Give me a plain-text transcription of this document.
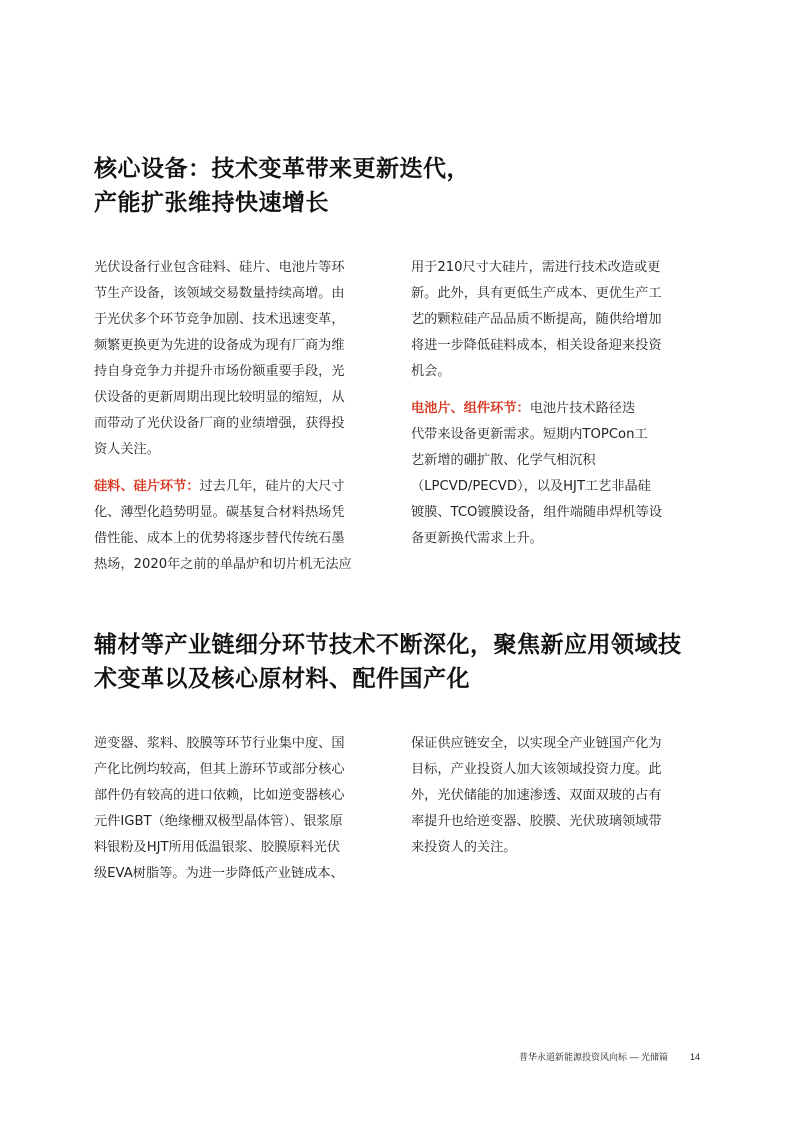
核心设备：技术变革带来更新迭代，
产能扩张维持快速增长

光伏设备行业包含硅料、硅片、电池片等环
节生产设备，该领域交易数量持续高增。由
于光伏多个环节竞争加剧、技术迅速变革，
频繁更换更为先进的设备成为现有厂商为维
持自身竞争力并提升市场份额重要手段，光
伏设备的更新周期出现比较明显的缩短，从
而带动了光伏设备厂商的业绩增强，获得投
资人关注。

硅料、硅片环节：过去几年，硅片的大尺寸
化、薄型化趋势明显。碳基复合材料热场凭
借性能、成本上的优势将逐步替代传统石墨
热场，2020年之前的单晶炉和切片机无法应

用于210尺寸大硅片，需进行技术改造或更
新。此外，具有更低生产成本、更优生产工
艺的颗粒硅产品品质不断提高，随供给增加
将进一步降低硅料成本，相关设备迎来投资
机会。

电池片、组件环节：电池片技术路径迭
代带来设备更新需求。短期内TOPCon工
艺新增的硼扩散、化学气相沉积
（LPCVD/PECVD），以及HJT工艺非晶硅
镀膜、TCO镀膜设备，组件端随串焊机等设
备更新换代需求上升。

辅材等产业链细分环节技术不断深化，聚焦新应用领域技
术变革以及核心原材料、配件国产化

逆变器、浆料、胶膜等环节行业集中度、国
产化比例均较高，但其上游环节或部分核心
部件仍有较高的进口依赖，比如逆变器核心
元件IGBT（绝缘栅双极型晶体管）、银浆原
料银粉及HJT所用低温银浆、胶膜原料光伏
级EVA树脂等。为进一步降低产业链成本、

保证供应链安全，以实现全产业链国产化为
目标，产业投资人加大该领域投资力度。此
外，光伏储能的加速渗透、双面双玻的占有
率提升也给逆变器、胶膜、光伏玻璃领域带
来投资人的关注。

普华永道新能源投资风向标 — 光储篇 14
